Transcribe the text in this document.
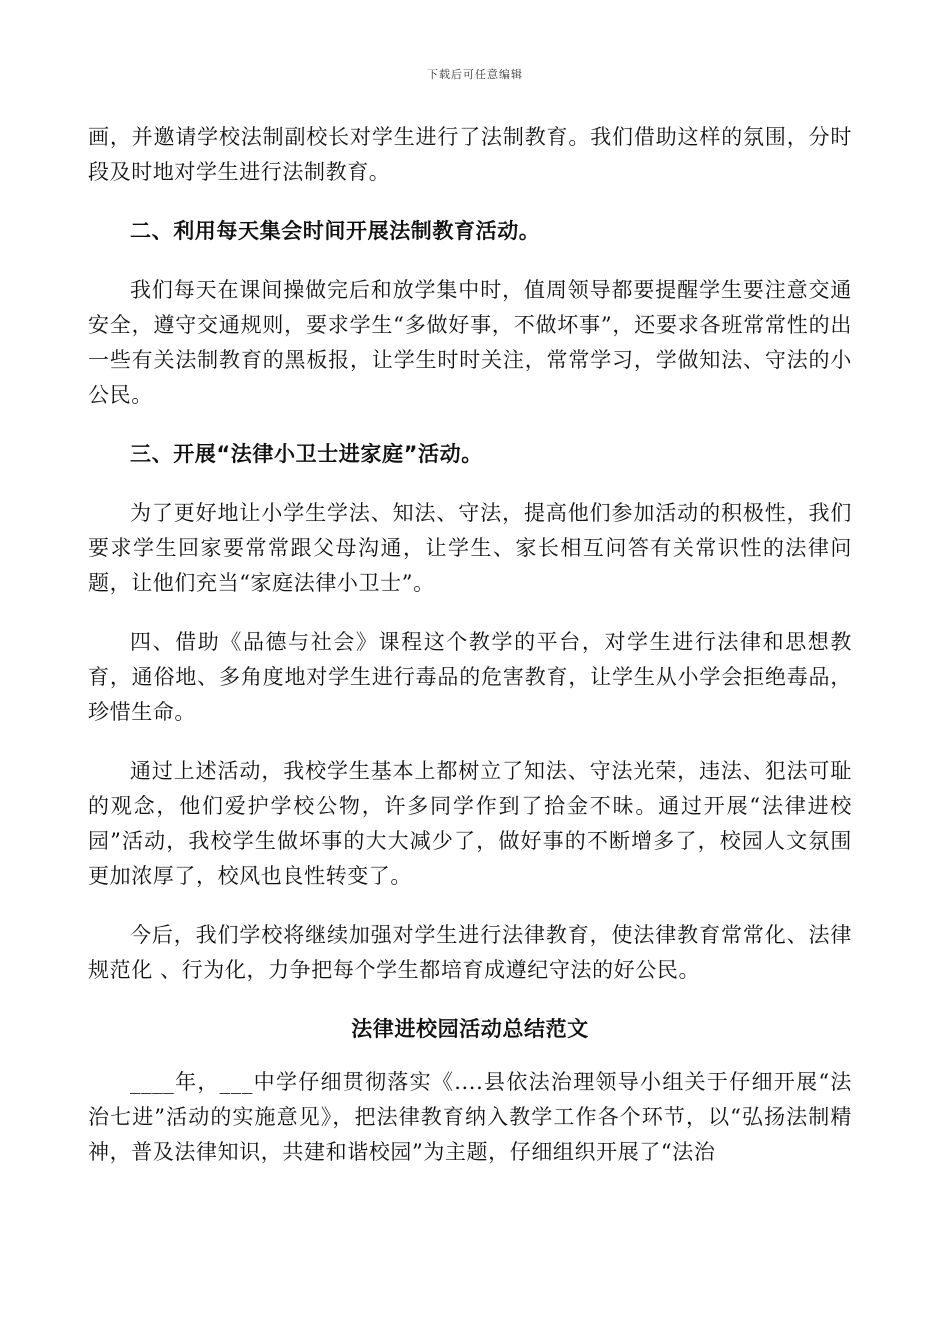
下载后可任意编辑

画，并邀请学校法制副校长对学生进行了法制教育。我们借助这样的氛围，分时段及时地对学生进行法制教育。

二、利用每天集会时间开展法制教育活动。

我们每天在课间操做完后和放学集中时，值周领导都要提醒学生要注意交通安全，遵守交通规则，要求学生“多做好事，不做坏事”，还要求各班常常性的出一些有关法制教育的黑板报，让学生时时关注，常常学习，学做知法、守法的小公民。

三、开展“法律小卫士进家庭”活动。

为了更好地让小学生学法、知法、守法，提高他们参加活动的积极性，我们要求学生回家要常常跟父母沟通，让学生、家长相互问答有关常识性的法律问题，让他们充当“家庭法律小卫士”。

四、借助《品德与社会》课程这个教学的平台，对学生进行法律和思想教育，通俗地、多角度地对学生进行毒品的危害教育，让学生从小学会拒绝毒品，珍惜生命。

通过上述活动，我校学生基本上都树立了知法、守法光荣，违法、犯法可耻的观念，他们爱护学校公物，许多同学作到了拾金不昧。通过开展“法律进校园”活动，我校学生做坏事的大大减少了，做好事的不断增多了，校园人文氛围更加浓厚了，校风也良性转变了。

今后，我们学校将继续加强对学生进行法律教育，使法律教育常常化、法律规范化 、行为化，力争把每个学生都培育成遵纪守法的好公民。

法律进校园活动总结范文

____年，___中学仔细贯彻落实《....县依法治理领导小组关于仔细开展“法治七进”活动的实施意见》，把法律教育纳入教学工作各个环节，以“弘扬法制精神，普及法律知识，共建和谐校园”为主题，仔细组织开展了“法治
